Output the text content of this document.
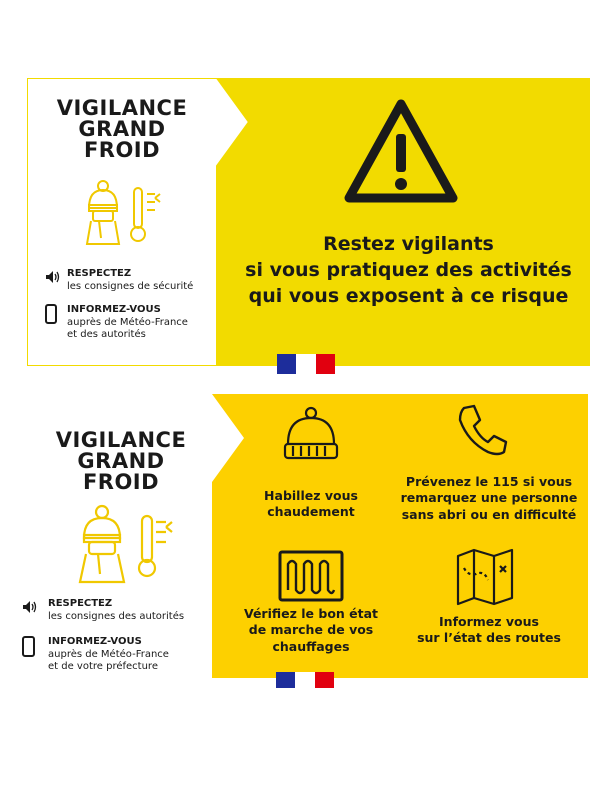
VIGILANCE
GRAND
FROID
RESPECTEZ
les consignes de sécurité
INFORMEZ-VOUS
auprès de Météo-France
et des autorités
Restez vigilants
si vous pratiquez des activités
qui vous exposent à ce risque
VIGILANCE
GRAND
FROID
RESPECTEZ
les consignes des autorités
INFORMEZ-VOUS
auprès de Météo-France
et de votre préfecture
Habillez vous
chaudement
Prévenez le 115 si vous
remarquez une personne
sans abri ou en difficulté
Vérifiez le bon état
de marche de vos
chauffages
Informez vous
sur l’état des routes
